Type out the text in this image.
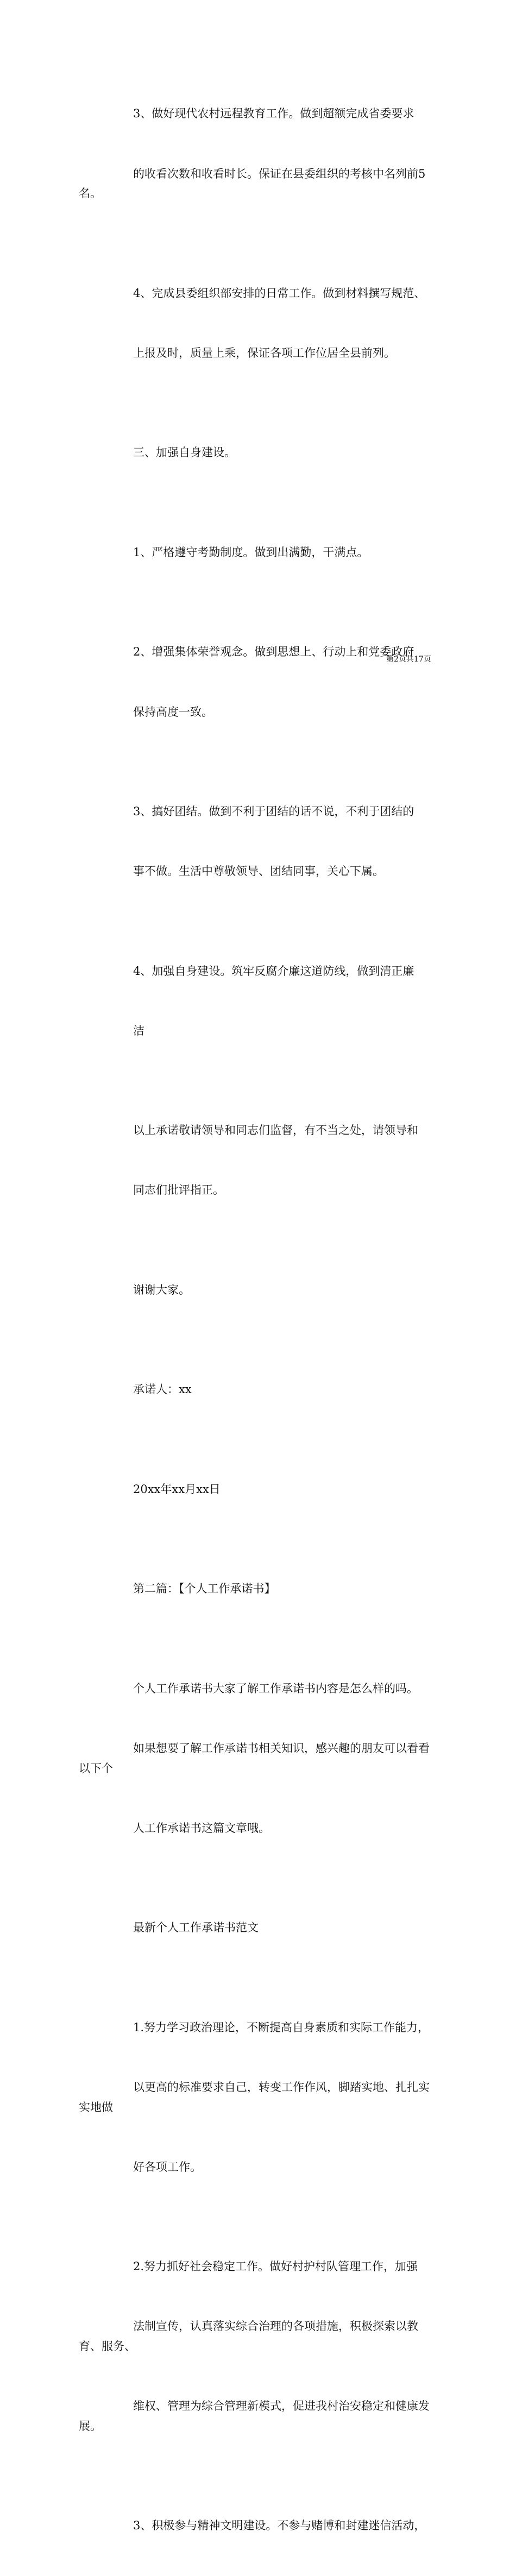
3、做好现代农村远程教育工作。做到超额完成省委要求

的收看次数和收看时长。保证在县委组织的考核中名列前5名。

4、完成县委组织部安排的日常工作。做到材料撰写规范、

上报及时，质量上乘，保证各项工作位居全县前列。

三、加强自身建设。

1、严格遵守考勤制度。做到出满勤，干满点。

2、增强集体荣誉观念。做到思想上、行动上和党委政府

保持高度一致。

3、搞好团结。做到不利于团结的话不说，不利于团结的

事不做。生活中尊敬领导、团结同事，关心下属。

4、加强自身建设。筑牢反腐介廉这道防线，做到清正廉

洁

以上承诺敬请领导和同志们监督，有不当之处，请领导和

同志们批评指正。

谢谢大家。

承诺人：xx

20xx年xx月xx日

第二篇：【个人工作承诺书】

个人工作承诺书大家了解工作承诺书内容是怎么样的吗。

如果想要了解工作承诺书相关知识，感兴趣的朋友可以看看以下个

人工作承诺书这篇文章哦。

最新个人工作承诺书范文

1.努力学习政治理论，不断提高自身素质和实际工作能力，

以更高的标准要求自己，转变工作作风，脚踏实地、扎扎实实地做

好各项工作。

2.努力抓好社会稳定工作。做好村护村队管理工作，加强

法制宣传，认真落实综合治理的各项措施，积极探索以教育、服务、

维权、管理为综合管理新模式，促进我村治安稳定和健康发展。

3、积极参与精神文明建设。不参与赌博和封建迷信活动，

第2页共17页
